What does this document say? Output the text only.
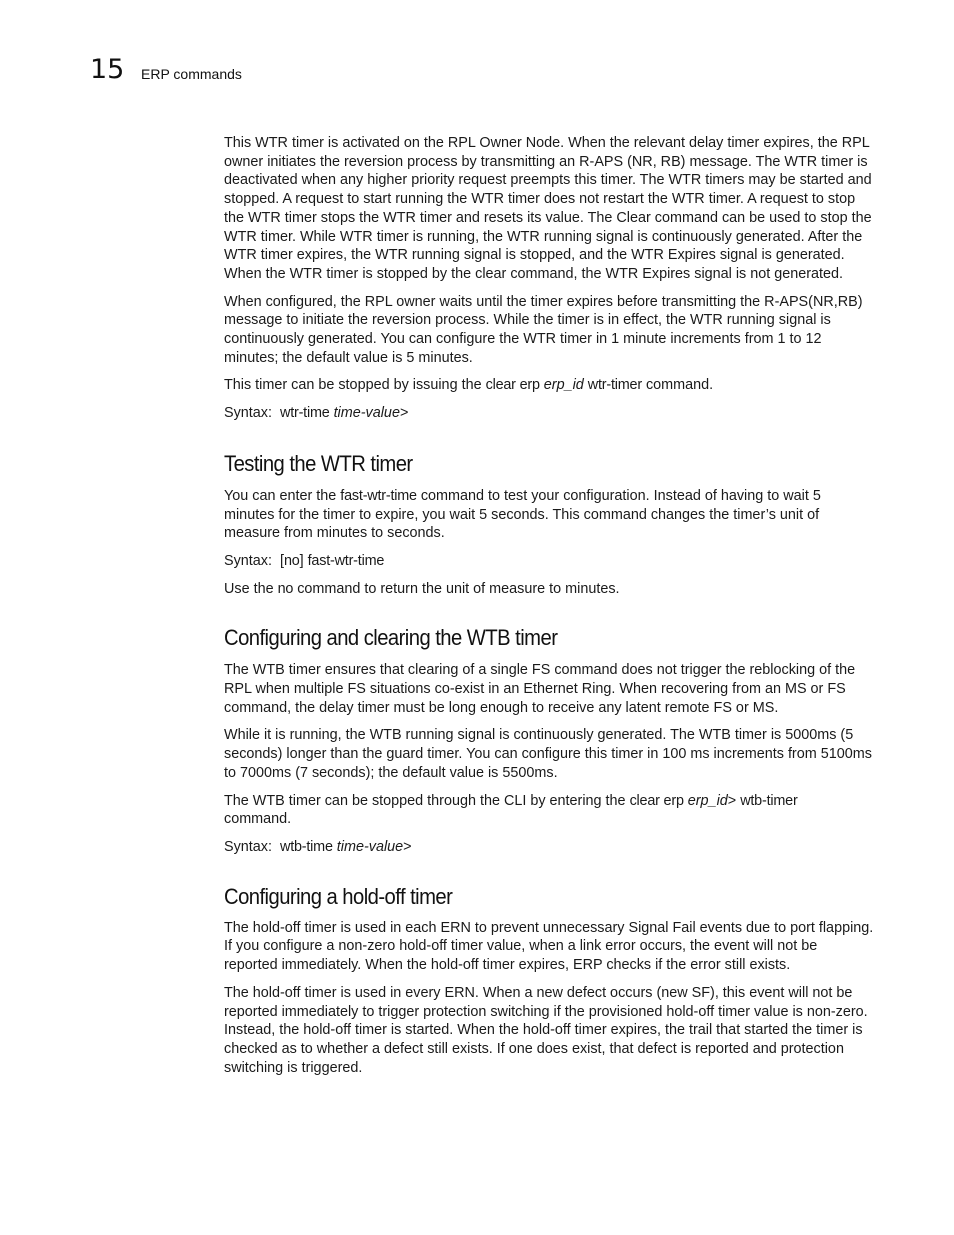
15 ERP commands

This WTR timer is activated on the RPL Owner Node. When the relevant delay timer expires, the RPL owner initiates the reversion process by transmitting an R-APS (NR, RB) message. The WTR timer is deactivated when any higher priority request preempts this timer. The WTR timers may be started and stopped. A request to start running the WTR timer does not restart the WTR timer. A request to stop the WTR timer stops the WTR timer and resets its value. The Clear command can be used to stop the WTR timer. While WTR timer is running, the WTR running signal is continuously generated. After the WTR timer expires, the WTR running signal is stopped, and the WTR Expires signal is generated. When the WTR timer is stopped by the clear command, the WTR Expires signal is not generated.

When configured, the RPL owner waits until the timer expires before transmitting the R-APS(NR,RB) message to initiate the reversion process. While the timer is in effect, the WTR running signal is continuously generated. You can configure the WTR timer in 1 minute increments from 1 to 12 minutes; the default value is 5 minutes.

This timer can be stopped by issuing the clear erp erp_id wtr-timer command.

Syntax: wtr-time time-value>
Testing the WTR timer

You can enter the fast-wtr-time command to test your configuration. Instead of having to wait 5 minutes for the timer to expire, you wait 5 seconds. This command changes the timer’s unit of measure from minutes to seconds.

Syntax: [no] fast-wtr-time

Use the no command to return the unit of measure to minutes.

Configuring and clearing the WTB timer

The WTB timer ensures that clearing of a single FS command does not trigger the reblocking of the RPL when multiple FS situations co-exist in an Ethernet Ring. When recovering from an MS or FS command, the delay timer must be long enough to receive any latent remote FS or MS.

While it is running, the WTB running signal is continuously generated. The WTB timer is 5000ms (5 seconds) longer than the guard timer. You can configure this timer in 100 ms increments from 5100ms to 7000ms (7 seconds); the default value is 5500ms.

The WTB timer can be stopped through the CLI by entering the clear erp erp_id> wtb-timer
command.

Syntax: wtb-time time-value>
Configuring a hold-off timer

The hold-off timer is used in each ERN to prevent unnecessary Signal Fail events due to port flapping. If you configure a non-zero hold-off timer value, when a link error occurs, the event will not be reported immediately. When the hold-off timer expires, ERP checks if the error still exists.

The hold-off timer is used in every ERN. When a new defect occurs (new SF), this event will not be reported immediately to trigger protection switching if the provisioned hold-off timer value is non-zero. Instead, the hold-off timer is started. When the hold-off timer expires, the trail that started the timer is checked as to whether a defect still exists. If one does exist, that defect is reported and protection switching is triggered.
